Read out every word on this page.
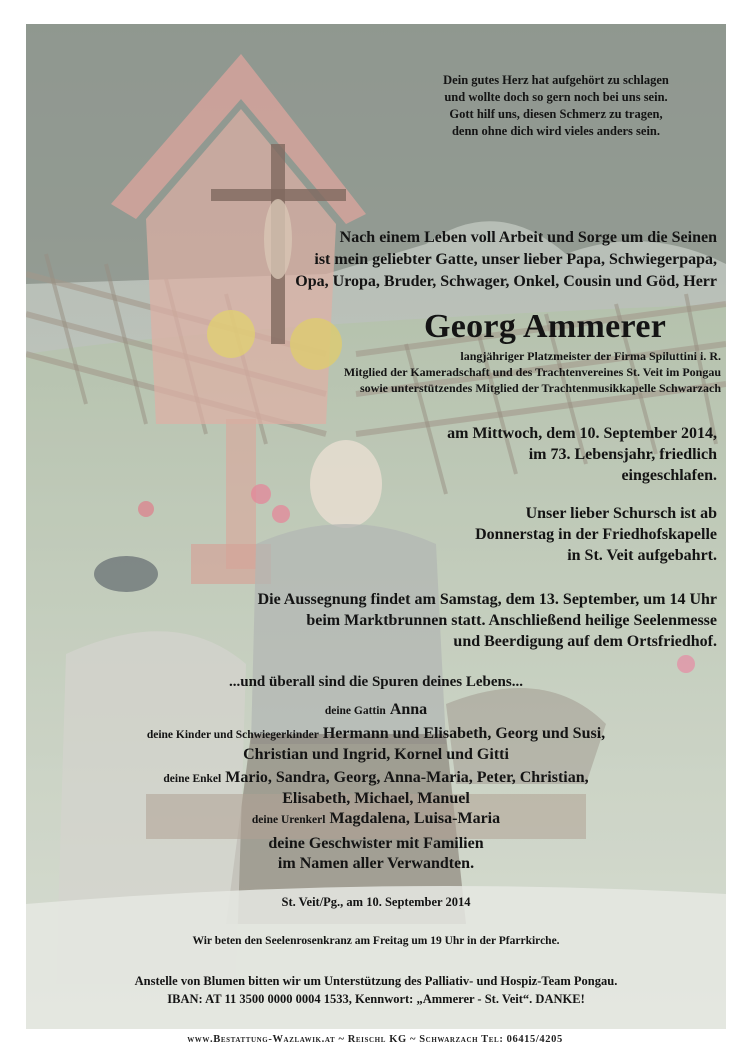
Dein gutes Herz hat aufgehört zu schlagen
und wollte doch so gern noch bei uns sein.
Gott hilf uns, diesen Schmerz zu tragen,
denn ohne dich wird vieles anders sein.
Nach einem Leben voll Arbeit und Sorge um die Seinen
ist mein geliebter Gatte, unser lieber Papa, Schwiegerpapa,
Opa, Uropa, Bruder, Schwager, Onkel, Cousin und Göd, Herr
Georg Ammerer
langjähriger Platzmeister der Firma Spiluttini i. R.
Mitglied der Kameradschaft und des Trachtenvereines St. Veit im Pongau
sowie unterstützendes Mitglied der Trachtenmusikkapelle Schwarzach
am Mittwoch, dem 10. September 2014,
im 73. Lebensjahr, friedlich
eingeschlafen.
Unser lieber Schursch ist ab
Donnerstag in der Friedhofskapelle
in St. Veit aufgebahrt.
Die Aussegnung findet am Samstag, dem 13. September, um 14 Uhr
beim Marktbrunnen statt. Anschließend heilige Seelenmesse
und Beerdigung auf dem Ortsfriedhof.
...und überall sind die Spuren deines Lebens...
deine Gattin Anna
deine Kinder und Schwiegerkinder Hermann und Elisabeth, Georg und Susi,
Christian und Ingrid, Kornel und Gitti
deine Enkel Mario, Sandra, Georg, Anna-Maria, Peter, Christian,
Elisabeth, Michael, Manuel
deine Urenkerl Magdalena, Luisa-Maria
deine Geschwister mit Familien
im Namen aller Verwandten.
St. Veit/Pg., am 10. September 2014
Wir beten den Seelenrosenkranz am Freitag um 19 Uhr in der Pfarrkirche.
Anstelle von Blumen bitten wir um Unterstützung des Palliativ- und Hospiz-Team Pongau.
IBAN: AT 11 3500 0000 0004 1533, Kennwort: „Ammerer - St. Veit“. DANKE!
www.Bestattung-Wazlawik.at ~ Reischl KG ~ Schwarzach Tel: 06415/4205
